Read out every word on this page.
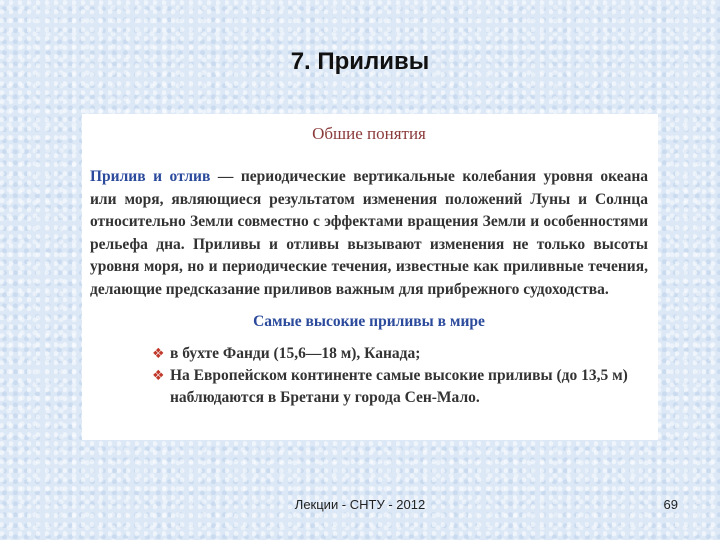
7. Приливы
Обшие понятия

Прилив и отлив — периодические вертикальные колебания уровня океана или моря, являющиеся результатом изменения положений Луны и Солнца относительно Земли совместно с эффектами вращения Земли и особенностями рельефа дна. Приливы и отливы вызывают изменения не только высоты уровня моря, но и периодические течения, известные как приливные течения, делающие предсказание приливов важным для прибрежного судоходства.

Самые высокие приливы в мире
❖ в бухте Фанди (15,6—18 м), Канада;
❖ На Европейском континенте самые высокие приливы (до 13,5 м) наблюдаются в Бретани у города Сен-Мало.
Лекции - СНТУ - 2012	69
